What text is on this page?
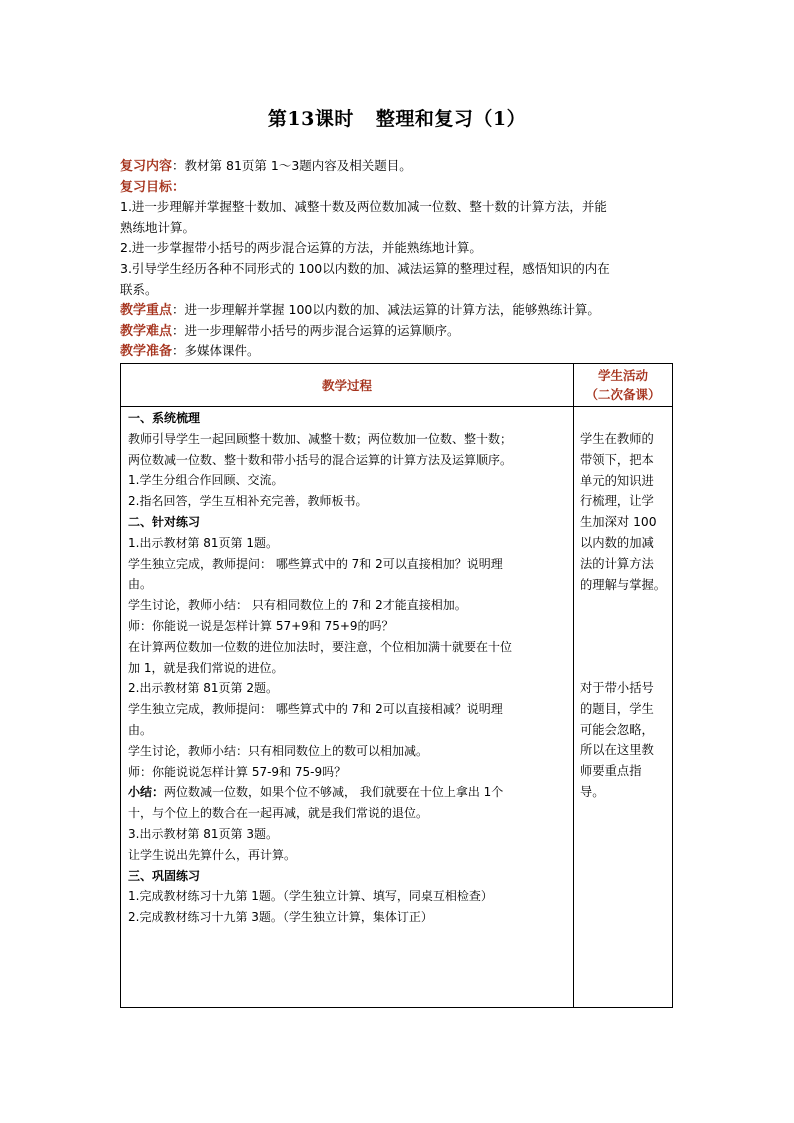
第13课时 整理和复习（1）
复习内容：教材第 81页第 1～3题内容及相关题目。
复习目标：
1.进一步理解并掌握整十数加、减整十数及两位数加减一位数、整十数的计算方法，并能
熟练地计算。
2.进一步掌握带小括号的两步混合运算的方法，并能熟练地计算。
3.引导学生经历各种不同形式的 100以内数的加、减法运算的整理过程，感悟知识的内在
联系。
教学重点：进一步理解并掌握 100以内数的加、减法运算的计算方法，能够熟练计算。
教学难点：进一步理解带小括号的两步混合运算的运算顺序。
教学准备：多媒体课件。
教学过程
学生活动
（二次备课）
一、系统梳理
教师引导学生一起回顾整十数加、减整十数；两位数加一位数、整十数；
两位数减一位数、整十数和带小括号的混合运算的计算方法及运算顺序。
1.学生分组合作回顾、交流。
2.指名回答，学生互相补充完善，教师板书。
二、针对练习
1.出示教材第 81页第 1题。
学生独立完成，教师提问： 哪些算式中的 7和 2可以直接相加？说明理
由。
学生讨论，教师小结： 只有相同数位上的 7和 2才能直接相加。
师：你能说一说是怎样计算 57+9和 75+9的吗？
在计算两位数加一位数的进位加法时，要注意，个位相加满十就要在十位
加 1，就是我们常说的进位。
2.出示教材第 81页第 2题。
学生独立完成，教师提问： 哪些算式中的 7和 2可以直接相减？说明理
由。
学生讨论，教师小结：只有相同数位上的数可以相加减。
师：你能说说怎样计算 57-9和 75-9吗？
小结：两位数减一位数，如果个位不够减， 我们就要在十位上拿出 1个
十，与个位上的数合在一起再减，就是我们常说的退位。
3.出示教材第 81页第 3题。
让学生说出先算什么，再计算。
三、巩固练习
1.完成教材练习十九第 1题。（学生独立计算、填写，同桌互相检查）
2.完成教材练习十九第 3题。（学生独立计算，集体订正）
学生在教师的
带领下，把本
单元的知识进
行梳理，让学
生加深对 100
以内数的加减
法的计算方法
的理解与掌握。
对于带小括号
的题目，学生
可能会忽略，
所以在这里教
师要重点指
导。
